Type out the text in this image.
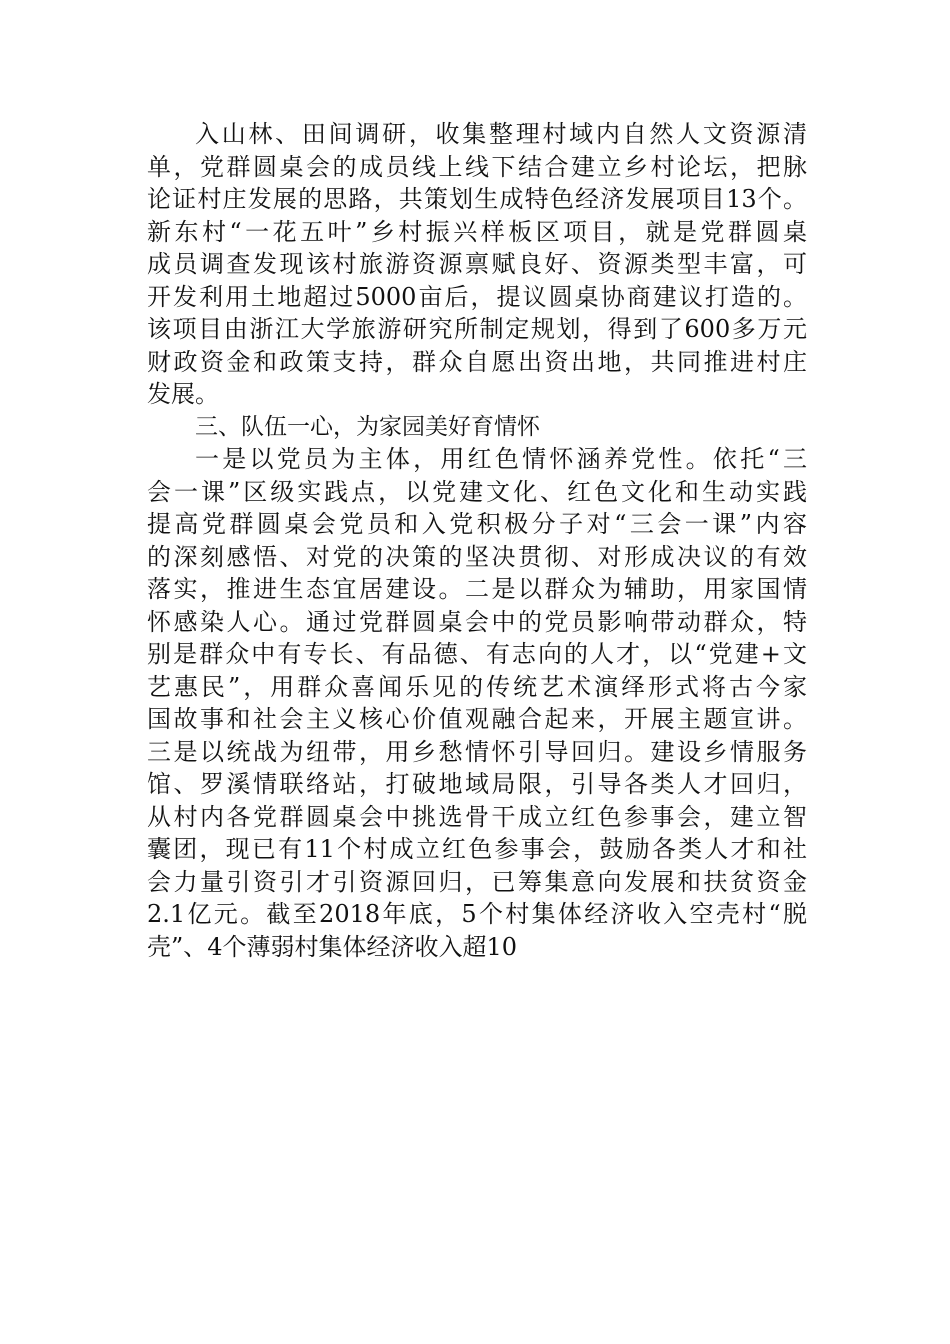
入山林、田间调研，收集整理村域内自然人文资源清
单，党群圆桌会的成员线上线下结合建立乡村论坛，把脉
论证村庄发展的思路，共策划生成特色经济发展项目13个。
新东村“一花五叶”乡村振兴样板区项目，就是党群圆桌
成员调查发现该村旅游资源禀赋良好、资源类型丰富，可
开发利用土地超过5000亩后，提议圆桌协商建议打造的。
该项目由浙江大学旅游研究所制定规划，得到了600多万元
财政资金和政策支持，群众自愿出资出地，共同推进村庄
发展。
三、队伍一心，为家园美好育情怀
一是以党员为主体，用红色情怀涵养党性。依托“三
会一课”区级实践点，以党建文化、红色文化和生动实践
提高党群圆桌会党员和入党积极分子对“三会一课”内容
的深刻感悟、对党的决策的坚决贯彻、对形成决议的有效
落实，推进生态宜居建设。二是以群众为辅助，用家国情
怀感染人心。通过党群圆桌会中的党员影响带动群众，特
别是群众中有专长、有品德、有志向的人才，以“党建+文
艺惠民”，用群众喜闻乐见的传统艺术演绎形式将古今家
国故事和社会主义核心价值观融合起来，开展主题宣讲。
三是以统战为纽带，用乡愁情怀引导回归。建设乡情服务
馆、罗溪情联络站，打破地域局限，引导各类人才回归，
从村内各党群圆桌会中挑选骨干成立红色参事会，建立智
囊团，现已有11个村成立红色参事会，鼓励各类人才和社
会力量引资引才引资源回归，已筹集意向发展和扶贫资金
2.1亿元。截至2018年底，5个村集体经济收入空壳村“脱
壳”、4个薄弱村集体经济收入超10
